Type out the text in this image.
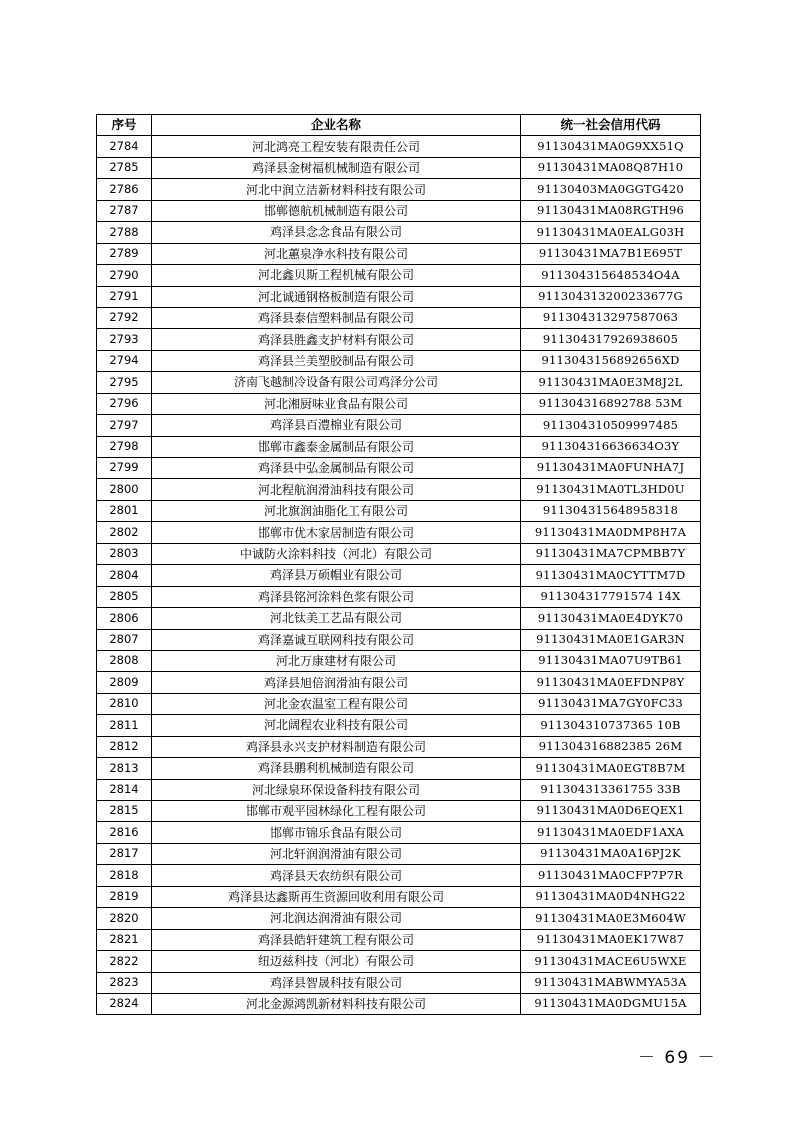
序号	企业名称	统一社会信用代码
2784	河北鸿亮工程安装有限责任公司	91130431MA0G9XX51Q
2785	鸡泽县金树福机械制造有限公司	91130431MA08Q87H10
2786	河北中润立洁新材料科技有限公司	91130403MA0GGTG420
2787	邯郸德航机械制造有限公司	91130431MA08RGTH96
2788	鸡泽县念念食品有限公司	91130431MA0EALG03H
2789	河北蕙泉净水科技有限公司	91130431MA7B1E695T
2790	河北鑫贝斯工程机械有限公司	911304315648534O4A
2791	河北诚通钢格板制造有限公司	911304313200233677G
2792	鸡泽县泰信塑料制品有限公司	911304313297587063
2793	鸡泽县胜鑫支护材料有限公司	911304317926938605
2794	鸡泽县兰美塑胶制品有限公司	9113043156892656XD
2795	济南飞越制冷设备有限公司鸡泽分公司	91130431MA0E3M8J2L
2796	河北湘厨味业食品有限公司	911304316892788 53M
2797	鸡泽县百澧棉业有限公司	911304310509997485
2798	邯郸市鑫泰金属制品有限公司	911304316636634O3Y
2799	鸡泽县中弘金属制品有限公司	91130431MA0FUNHA7J
2800	河北程航润滑油科技有限公司	91130431MA0TL3HD0U
2801	河北旗润油脂化工有限公司	911304315648958318
2802	邯郸市优木家居制造有限公司	91130431MA0DMP8H7A
2803	中诚防火涂料科技（河北）有限公司	91130431MA7CPMBB7Y
2804	鸡泽县万硕帽业有限公司	91130431MA0CYTTM7D
2805	鸡泽县铭河涂料色浆有限公司	911304317791574 14X
2806	河北钛美工艺品有限公司	91130431MA0E4DYK70
2807	鸡泽嘉诚互联网科技有限公司	91130431MA0E1GAR3N
2808	河北万康建材有限公司	91130431MA07U9TB61
2809	鸡泽县旭倍润滑油有限公司	91130431MA0EFDNP8Y
2810	河北金农温室工程有限公司	91130431MA7GY0FC33
2811	河北阔程农业科技有限公司	911304310737365 10B
2812	鸡泽县永兴支护材料制造有限公司	911304316882385 26M
2813	鸡泽县鹏利机械制造有限公司	91130431MA0EGT8B7M
2814	河北绿泉环保设备科技有限公司	911304313361755 33B
2815	邯郸市观平园林绿化工程有限公司	91130431MA0D6EQEX1
2816	邯郸市锦乐食品有限公司	91130431MA0EDF1AXA
2817	河北轩润润滑油有限公司	91130431MA0A16PJ2K
2818	鸡泽县天农纺织有限公司	91130431MA0CFP7P7R
2819	鸡泽县达鑫斯再生资源回收利用有限公司	91130431MA0D4NHG22
2820	河北润达润滑油有限公司	91130431MA0E3M604W
2821	鸡泽县皓轩建筑工程有限公司	91130431MA0EK17W87
2822	纽迈兹科技（河北）有限公司	91130431MACE6U5WXE
2823	鸡泽县智晟科技有限公司	91130431MABWMYA53A
2824	河北金源鸿凯新材料科技有限公司	91130431MA0DGMU15A
－ 69 －
